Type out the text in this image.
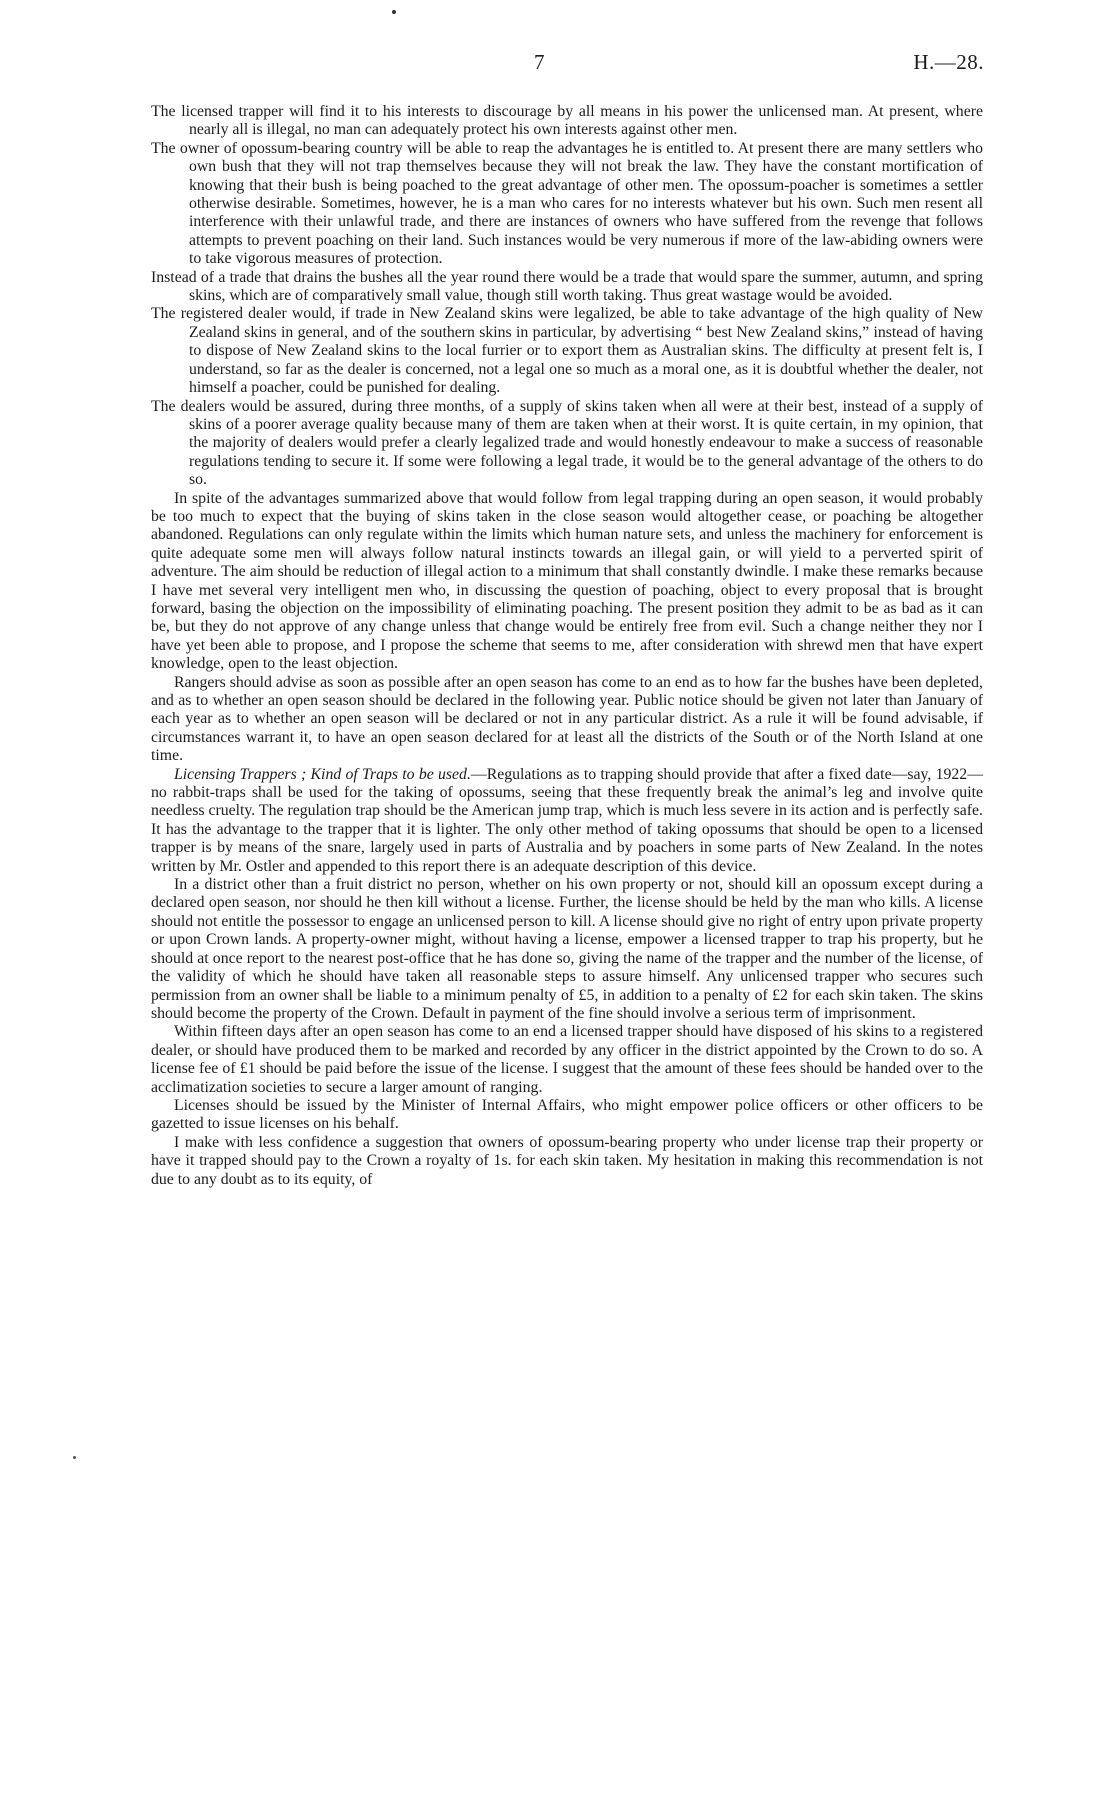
7	H.—28.

The licensed trapper will find it to his interests to discourage by all means in his power the unlicensed man. At present, where nearly all is illegal, no man can adequately protect his own interests against other men.

The owner of opossum-bearing country will be able to reap the advantages he is entitled to. At present there are many settlers who own bush that they will not trap themselves because they will not break the law. They have the constant mortification of knowing that their bush is being poached to the great advantage of other men. The opossum-poacher is sometimes a settler otherwise desirable. Sometimes, however, he is a man who cares for no interests whatever but his own. Such men resent all interference with their unlawful trade, and there are instances of owners who have suffered from the revenge that follows attempts to prevent poaching on their land. Such instances would be very numerous if more of the law-abiding owners were to take vigorous measures of protection.

Instead of a trade that drains the bushes all the year round there would be a trade that would spare the summer, autumn, and spring skins, which are of comparatively small value, though still worth taking. Thus great wastage would be avoided.

The registered dealer would, if trade in New Zealand skins were legalized, be able to take advantage of the high quality of New Zealand skins in general, and of the southern skins in particular, by advertising “ best New Zealand skins,” instead of having to dispose of New Zealand skins to the local furrier or to export them as Australian skins. The difficulty at present felt is, I understand, so far as the dealer is concerned, not a legal one so much as a moral one, as it is doubtful whether the dealer, not himself a poacher, could be punished for dealing.

The dealers would be assured, during three months, of a supply of skins taken when all were at their best, instead of a supply of skins of a poorer average quality because many of them are taken when at their worst. It is quite certain, in my opinion, that the majority of dealers would prefer a clearly legalized trade and would honestly endeavour to make a success of reasonable regulations tending to secure it. If some were following a legal trade, it would be to the general advantage of the others to do so.

In spite of the advantages summarized above that would follow from legal trapping during an open season, it would probably be too much to expect that the buying of skins taken in the close season would altogether cease, or poaching be altogether abandoned. Regulations can only regulate within the limits which human nature sets, and unless the machinery for enforcement is quite adequate some men will always follow natural instincts towards an illegal gain, or will yield to a perverted spirit of adventure. The aim should be reduction of illegal action to a minimum that shall constantly dwindle. I make these remarks because I have met several very intelligent men who, in discussing the question of poaching, object to every proposal that is brought forward, basing the objection on the impossibility of eliminating poaching. The present position they admit to be as bad as it can be, but they do not approve of any change unless that change would be entirely free from evil. Such a change neither they nor I have yet been able to propose, and I propose the scheme that seems to me, after consideration with shrewd men that have expert knowledge, open to the least objection.

Rangers should advise as soon as possible after an open season has come to an end as to how far the bushes have been depleted, and as to whether an open season should be declared in the following year. Public notice should be given not later than January of each year as to whether an open season will be declared or not in any particular district. As a rule it will be found advisable, if circumstances warrant it, to have an open season declared for at least all the districts of the South or of the North Island at one time.

Licensing Trappers ; Kind of Traps to be used.—Regulations as to trapping should provide that after a fixed date—say, 1922—no rabbit-traps shall be used for the taking of opossums, seeing that these frequently break the animal’s leg and involve quite needless cruelty. The regulation trap should be the American jump trap, which is much less severe in its action and is perfectly safe. It has the advantage to the trapper that it is lighter. The only other method of taking opossums that should be open to a licensed trapper is by means of the snare, largely used in parts of Australia and by poachers in some parts of New Zealand. In the notes written by Mr. Ostler and appended to this report there is an adequate description of this device.

In a district other than a fruit district no person, whether on his own property or not, should kill an opossum except during a declared open season, nor should he then kill without a license. Further, the license should be held by the man who kills. A license should not entitle the possessor to engage an unlicensed person to kill. A license should give no right of entry upon private property or upon Crown lands. A property-owner might, without having a license, empower a licensed trapper to trap his property, but he should at once report to the nearest post-office that he has done so, giving the name of the trapper and the number of the license, of the validity of which he should have taken all reasonable steps to assure himself. Any unlicensed trapper who secures such permission from an owner shall be liable to a minimum penalty of £5, in addition to a penalty of £2 for each skin taken. The skins should become the property of the Crown. Default in payment of the fine should involve a serious term of imprisonment.

Within fifteen days after an open season has come to an end a licensed trapper should have disposed of his skins to a registered dealer, or should have produced them to be marked and recorded by any officer in the district appointed by the Crown to do so. A license fee of £1 should be paid before the issue of the license. I suggest that the amount of these fees should be handed over to the acclimatization societies to secure a larger amount of ranging.

Licenses should be issued by the Minister of Internal Affairs, who might empower police officers or other officers to be gazetted to issue licenses on his behalf.

I make with less confidence a suggestion that owners of opossum-bearing property who under license trap their property or have it trapped should pay to the Crown a royalty of 1s. for each skin taken. My hesitation in making this recommendation is not due to any doubt as to its equity, of
